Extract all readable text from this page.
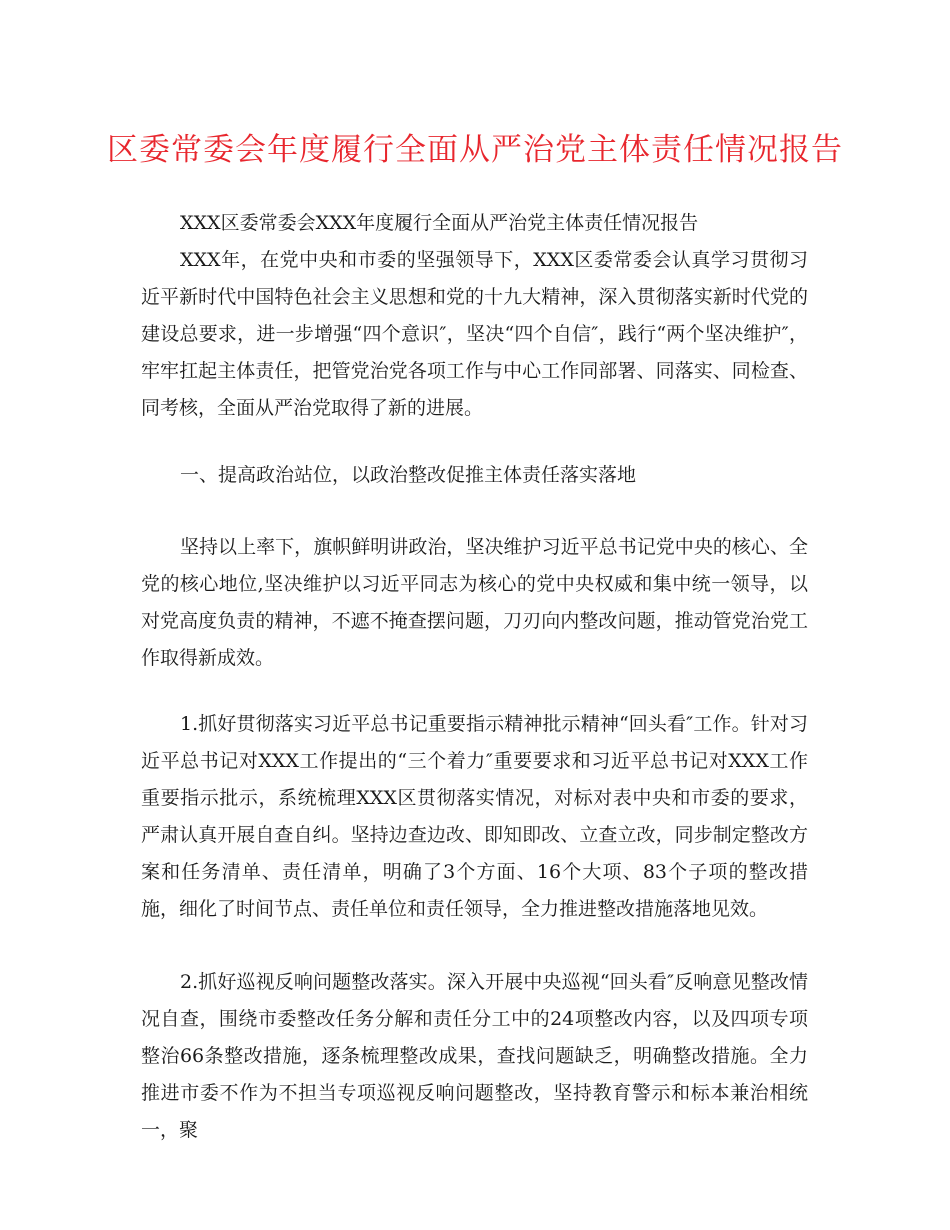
区委常委会年度履行全面从严治党主体责任情况报告

XXX区委常委会XXX年度履行全面从严治党主体责任情况报告

XXX年，在党中央和市委的坚强领导下，XXX区委常委会认真学习贯彻习近平新时代中国特色社会主义思想和党的十九大精神，深入贯彻落实新时代党的建设总要求，进一步增强“四个意识″，坚决“四个自信″，践行“两个坚决维护″，牢牢扛起主体责任，把管党治党各项工作与中心工作同部署、同落实、同检查、同考核，全面从严治党取得了新的进展。

一、提高政治站位，以政治整改促推主体责任落实落地

坚持以上率下，旗帜鲜明讲政治，坚决维护习近平总书记党中央的核心、全党的核心地位,坚决维护以习近平同志为核心的党中央权威和集中统一领导，以对党高度负责的精神，不遮不掩查摆问题，刀刃向内整改问题，推动管党治党工作取得新成效。

1.抓好贯彻落实习近平总书记重要指示精神批示精神“回头看″工作。针对习近平总书记对XXX工作提出的“三个着力″重要要求和习近平总书记对XXX工作重要指示批示，系统梳理XXX区贯彻落实情况，对标对表中央和市委的要求，严肃认真开展自查自纠。坚持边查边改、即知即改、立查立改，同步制定整改方案和任务清单、责任清单，明确了3个方面、16个大项、83个子项的整改措施，细化了时间节点、责任单位和责任领导，全力推进整改措施落地见效。

2.抓好巡视反响问题整改落实。深入开展中央巡视“回头看″反响意见整改情况自查，围绕市委整改任务分解和责任分工中的24项整改内容，以及四项专项整治66条整改措施，逐条梳理整改成果，查找问题缺乏，明确整改措施。全力推进市委不作为不担当专项巡视反响问题整改，坚持教育警示和标本兼治相统一，聚
